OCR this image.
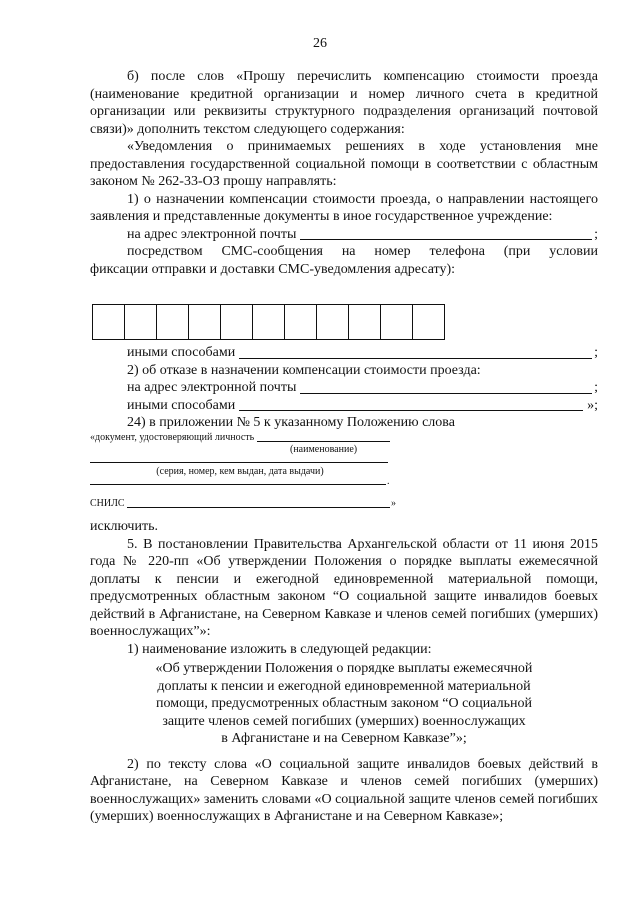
26

б) после слов «Прошу перечислить компенсацию стоимости проезда (наименование кредитной организации и номер личного счета в кредитной организации или реквизиты структурного подразделения организаций почтовой связи)» дополнить текстом следующего содержания:

«Уведомления о принимаемых решениях в ходе установления мне предоставления государственной социальной помощи в соответствии с областным законом № 262-33-ОЗ прошу направлять:

1) о назначении компенсации стоимости проезда, о направлении настоящего заявления и представленные документы в иное государственное учреждение:

на адрес электронной почты	;

посредством СМС-сообщения на номер телефона (при условии

фиксации отправки и доставки СМС-уведомления адресату):

иными способами	;

2) об отказе в назначении компенсации стоимости проезда:

на адрес электронной почты	;
иными способами	»;

24) в приложении № 5 к указанному Положению слова

«документ, удостоверяющий личность
(наименование)
(серия, номер, кем выдан, дата выдачи)
.
СНИЛС	»

исключить.

5. В постановлении Правительства Архангельской области от 11 июня 2015 года № 220-пп «Об утверждении Положения о порядке выплаты ежемесячной доплаты к пенсии и ежегодной единовременной материальной помощи, предусмотренных областным законом “О социальной защите инвалидов боевых действий в Афганистане, на Северном Кавказе и членов семей погибших (умерших) военнослужащих”»:

1) наименование изложить в следующей редакции:

«Об утверждении Положения о порядке выплаты ежемесячной
доплаты к пенсии и ежегодной единовременной материальной
помощи, предусмотренных областным законом “О социальной
защите членов семей погибших (умерших) военнослужащих
в Афганистане и на Северном Кавказе”»;

2) по тексту слова «О социальной защите инвалидов боевых действий в Афганистане, на Северном Кавказе и членов семей погибших (умерших) военнослужащих» заменить словами «О социальной защите членов семей погибших (умерших) военнослужащих в Афганистане и на Северном Кавказе»;
